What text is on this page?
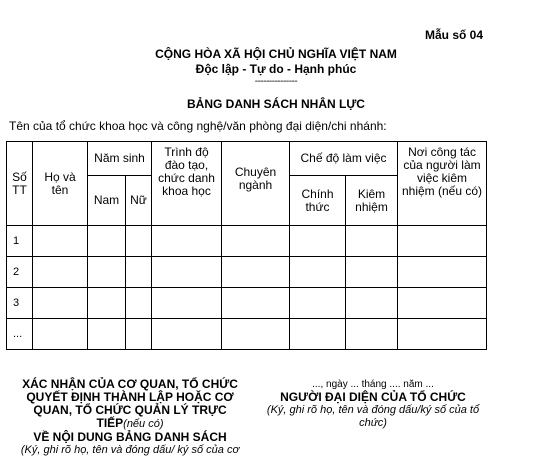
Mẫu số 04
CỘNG HÒA XÃ HỘI CHỦ NGHĨA VIỆT NAM
Độc lập - Tự do - Hạnh phúc
---------------
BẢNG DANH SÁCH NHÂN LỰC
Tên của tổ chức khoa học và công nghệ/văn phòng đại diện/chi nhánh:
Số TT	Họ và tên	Năm sinh		Trình độ đào tạo, chức danh khoa học	Chuyên ngành	Chế độ làm việc		Nơi công tác của người làm việc kiêm nhiệm (nếu có)
		Nam	Nữ			Chính thức	Kiêm nhiệm	
1								
2								
3								
...								
XÁC NHẬN CỦA CƠ QUAN, TỔ CHỨC
QUYẾT ĐỊNH THÀNH LẬP HOẶC CƠ
QUAN, TỔ CHỨC QUẢN LÝ TRỰC
TIẾP(nếu có)
VỀ NỘI DUNG BẢNG DANH SÁCH
(Ký, ghi rõ họ, tên và đóng dấu/ ký số của cơ
..., ngày ... tháng .... năm ...
NGƯỜI ĐẠI DIỆN CỦA TỔ CHỨC
(Ký, ghi rõ họ, tên và đóng dấu/ký số của tổ
chức)
